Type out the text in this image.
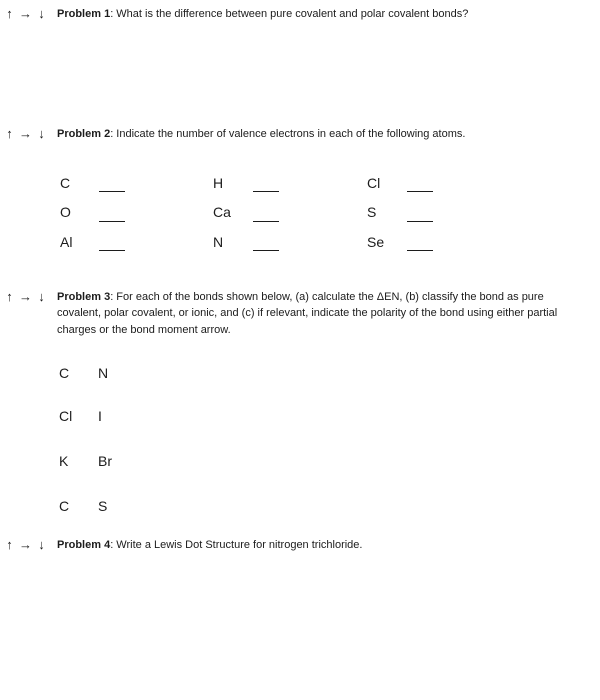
↑ → ↓ Problem 1: What is the difference between pure covalent and polar covalent bonds?
↑ → ↓ Problem 2: Indicate the number of valence electrons in each of the following atoms.
C	H	Cl
O	Ca	S
Al	N	Se
↑ → ↓ Problem 3: For each of the bonds shown below, (a) calculate the ΔEN, (b) classify the bond as pure
covalent, polar covalent, or ionic, and (c) if relevant, indicate the polarity of the bond using either partial
charges or the bond moment arrow.
C N
Cl I
K Br
C S
↑ → ↓ Problem 4: Write a Lewis Dot Structure for nitrogen trichloride.
